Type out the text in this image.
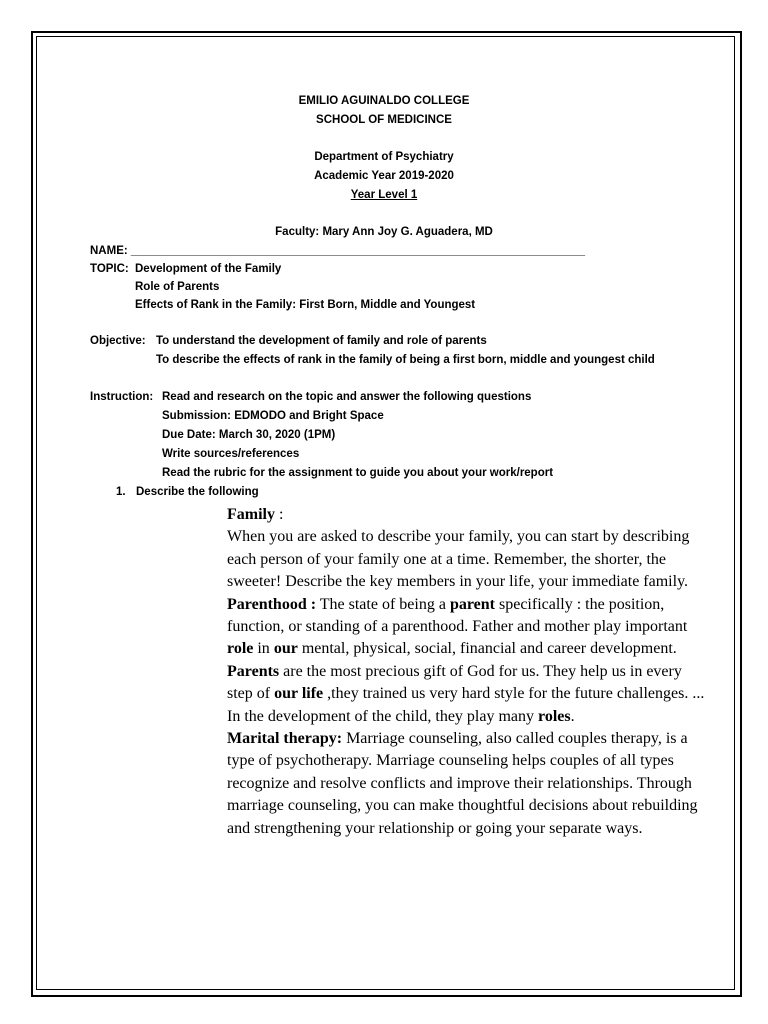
EMILIO AGUINALDO COLLEGE
SCHOOL OF MEDICINCE
Department of Psychiatry
Academic Year 2019-2020
Year Level 1
Faculty: Mary Ann Joy G. Aguadera, MD
NAME: _______________________________________________________________________
TOPIC: Development of the Family
Role of Parents
Effects of Rank in the Family: First Born, Middle and Youngest
Objective: To understand the development of family and role of parents
To describe the effects of rank in the family of being a first born, middle and youngest child
Instruction: Read and research on the topic and answer the following questions
Submission: EDMODO and Bright Space
Due Date: March 30, 2020 (1PM)
Write sources/references
Read the rubric for the assignment to guide you about your work/report
1. Describe the following

Family :

When you are asked to describe your family, you can start by describing each person of your family one at a time. Remember, the shorter, the sweeter! Describe the key members in your life, your immediate family.

Parenthood : The state of being a parent specifically : the position, function, or standing of a parenthood. Father and mother play important role in our mental, physical, social, financial and career development. Parents are the most precious gift of God for us. They help us in every step of our life ,they trained us very hard style for the future challenges. ... In the development of the child, they play many roles.

Marital therapy: Marriage counseling, also called couples therapy, is a type of psychotherapy. Marriage counseling helps couples of all types recognize and resolve conflicts and improve their relationships. Through marriage counseling, you can make thoughtful decisions about rebuilding and strengthening your relationship or going your separate ways.
